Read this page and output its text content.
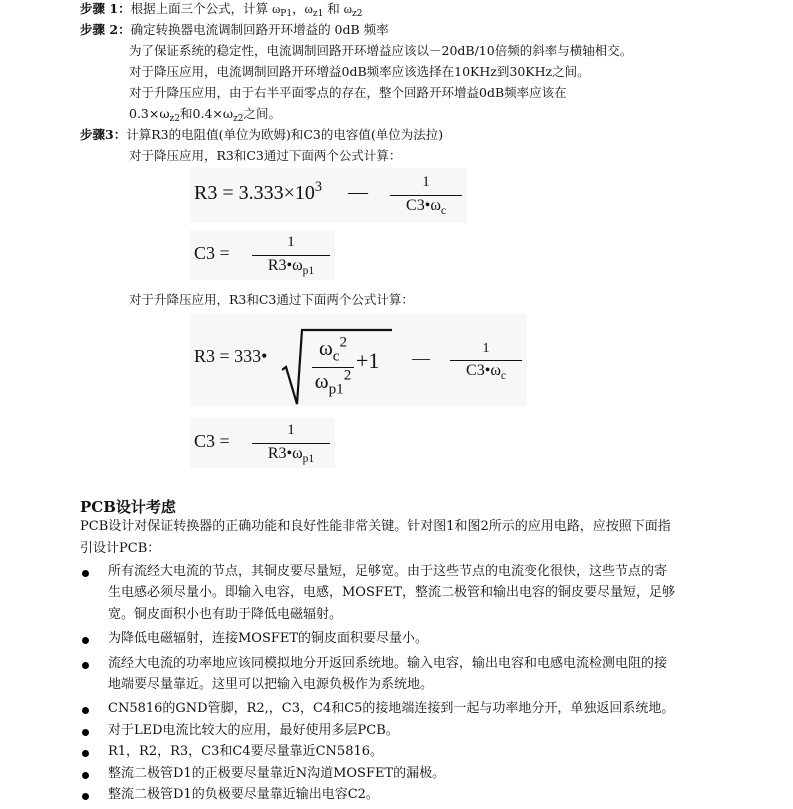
步骤 1：根据上面三个公式，计算 $\omega_{P1}$，$\omega_{z1}$ 和 $\omega_{z2}$
步骤 2：确定转换器电流调制回路开环增益的 0dB 频率
为了保证系统的稳定性，电流调制回路开环增益应该以－20dB/10倍频的斜率与横轴相交。
对于降压应用，电流调制回路开环增益0dB频率应该选择在10KHz到30KHz之间。
对于升降压应用，由于右半平面零点的存在，整个回路开环增益0dB频率应该在
$0.3\times\omega_{z2}$和$0.4\times\omega_{z2}$之间。
步骤3：计算R3的电阻值(单位为欧姆)和C3的电容值(单位为法拉)
对于降压应用，R3和C3通过下面两个公式计算：
$R3 = 3.333\times 10^3$ —	1
$C3•\omega_c$
C3 =
1
$R3•\omega_{p1}$
对于升降压应用，R3和C3通过下面两个公式计算：
R3 = 333•	$\omega_c^2$
$\omega_{p1}^2$
+1 —	1
$C3•\omega_c$
C3 =
1
$R3•\omega_{p1}$
PCB设计考虑
PCB设计对保证转换器的正确功能和良好性能非常关键。针对图1和图2所示的应用电路，应按照下面指
引设计PCB：
所有流经大电流的节点，其铜皮要尽量短，足够宽。由于这些节点的电流变化很快，这些节点的寄
生电感必须尽量小。即输入电容，电感，MOSFET，整流二极管和输出电容的铜皮要尽量短，足够
宽。铜皮面积小也有助于降低电磁辐射。
为降低电磁辐射，连接MOSFET的铜皮面积要尽量小。
流经大电流的功率地应该同模拟地分开返回系统地。输入电容，输出电容和电感电流检测电阻的接
地端要尽量靠近。这里可以把输入电源负极作为系统地。
CN5816的GND管脚，R2,，C3，C4和C5的接地端连接到一起与功率地分开，单独返回系统地。
对于LED电流比较大的应用，最好使用多层PCB。
R1，R2，R3，C3和C4要尽量靠近CN5816。
整流二极管D1的正极要尽量靠近N沟道MOSFET的漏极。
整流二极管D1的负极要尽量靠近输出电容C2。
